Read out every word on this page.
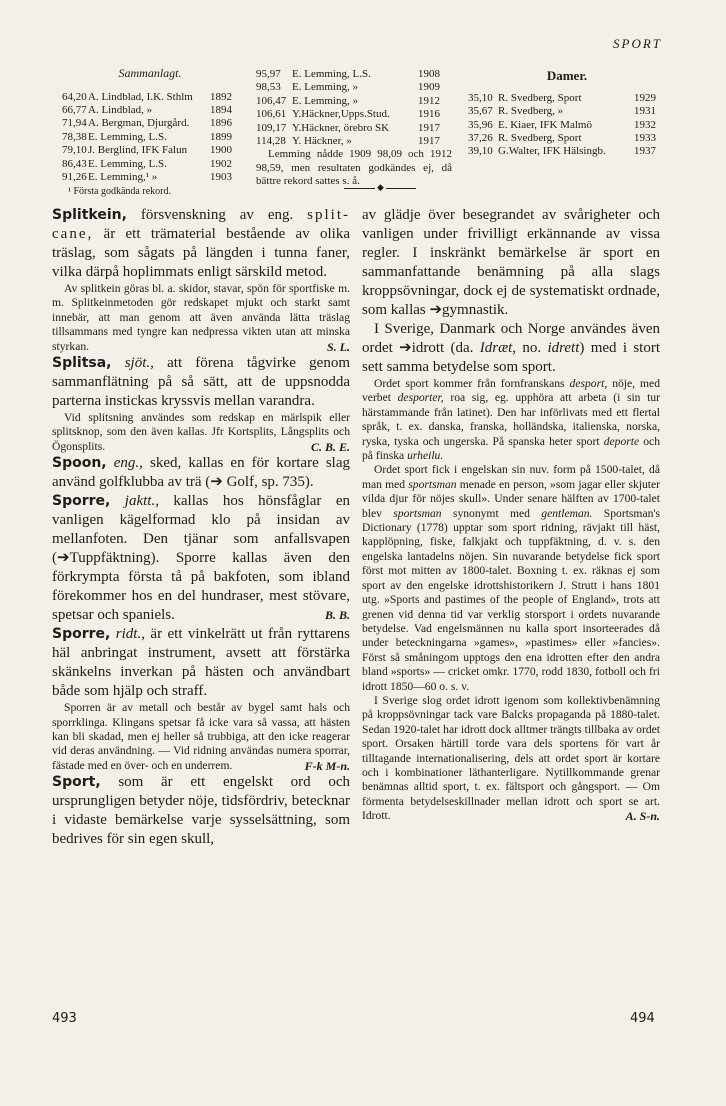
SPORT
Sammanlagt.
64,20A. Lindblad, I.K. Sthlm 1892
66,77A. Lindblad, »	1894
71,94A. Bergman, Djurgård. 1896
78,38E. Lemming, L.S.	1899
79,10J. Berglind, IFK Falun 1900
86,43E. Lemming, L.S.	1902
91,26E. Lemming,¹ »	1903
¹ Första godkända rekord.
95,97 E. Lemming, L.S.	1908
98,53 E. Lemming, »	1909
106,47 E. Lemming, »	1912
106,61 Y.Häckner,Upps.Stud.	1916
109,17 Y.Häckner, örebro SK	1917
114,28 Y. Häckner, »	1917
Lemming nådde 1909 98,09 och 1912 98,59, men resultaten godkändes ej, då bättre rekord sattes s. å.
Damer.
35,10 R. Svedberg, Sport	1929
35,67 R. Svedberg, »	1931
35,96 E. Kiaer, IFK Malmö	1932
37,26 R. Svedberg, Sport	1933
39,10 G.Walter, IFK Hälsingb.	1937
◆

Splitkein, försvenskning av eng. split-cane, är ett trämaterial bestående av olika träslag, som sågats på längden i tunna faner, vilka därpå hoplimmats enligt särskild metod.

Av splitkein göras bl. a. skidor, stavar, spön för sportfiske m. m. Splitkeinmetoden gör redskapet mjukt och starkt samt innebär, att man genom att även använda lätta träslag tillsammans med tyngre kan nedpressa vikten utan att minska styrkan.	S. L.

Splitsa, sjöt., att förena tågvirke genom sammanflätning på så sätt, att de uppsnodda parterna instickas kryssvis mellan varandra.

Vid splitsning användes som redskap en märlspik eller splitsknop, som den även kallas. Jfr Kortsplits, Långsplits och Ögonsplits.	C. B. E.

Spoon, eng., sked, kallas en för kortare slag använd golfklubba av trä (➔ Golf, sp. 735).

Sporre, jaktt., kallas hos hönsfåglar en vanligen kägelformad klo på insidan av mellanfoten. Den tjänar som anfallsvapen (➔Tuppfäktning). Sporre kallas även den förkrympta första tå på bakfoten, som ibland förekommer hos en del hundraser, mest stövare, spetsar och spaniels.	B. B.

Sporre, ridt., är ett vinkelrätt ut från ryttarens häl anbringat instrument, avsett att förstärka skänkelns inverkan på hästen och användbart både som hjälp och straff.

Sporren är av metall och består av bygel samt hals och sporrklinga. Klingans spetsar få icke vara så vassa, att hästen kan bli skadad, men ej heller så trubbiga, att den icke reagerar vid deras användning. — Vid ridning användas numera sporrar, fästade med en över- och en underrem.	F-k M-n.

Sport, som är ett engelskt ord och ursprungligen betyder nöje, tidsfördriv, betecknar i vidaste bemärkelse varje sysselsättning, som bedrives för sin egen skull,

493

av glädje över besegrandet av svårigheter och vanligen under frivilligt erkännande av vissa regler. I inskränkt bemärkelse är sport en sammanfattande benämning på alla slags kroppsövningar, dock ej de systematiskt ordnade, som kallas ➔gymnastik.

I Sverige, Danmark och Norge användes även ordet ➔idrott (da. Idræt, no. idrett) med i stort sett samma betydelse som sport.

Ordet sport kommer från fornfranskans desport, nöje, med verbet desporter, roa sig, eg. upphöra att arbeta (i sin tur härstammande från latinet). Den har införlivats med ett flertal språk, t. ex. danska, franska, holländska, italienska, norska, ryska, tyska och ungerska. På spanska heter sport deporte och på finska urheilu.

Ordet sport fick i engelskan sin nuv. form på 1500-talet, då man med sportsman menade en person, »som jagar eller skjuter vilda djur för nöjes skull». Under senare hälften av 1700-talet blev sportsman synonymt med gentleman. Sportsman's Dictionary (1778) upptar som sport ridning, rävjakt till häst, kapplöpning, fiske, falkjakt och tuppfäktning, d. v. s. den engelska lantadelns nöjen. Sin nuvarande betydelse fick sport först mot mitten av 1800-talet. Boxning t. ex. räknas ej som sport av den engelske idrottshistorikern J. Strutt i hans 1801 utg. »Sports and pastimes of the people of England», trots att grenen vid denna tid var verklig storsport i ordets nuvarande betydelse. Vad engelsmännen nu kalla sport insorteerades då under beteckningarna »games», »pastimes» eller »fancies». Först så småningom upptogs den ena idrotten efter den andra bland »sports» — cricket omkr. 1770, rodd 1830, fotboll och fri idrott 1850—60 o. s. v.

I Sverige slog ordet idrott igenom som kollektivbenämning på kroppsövningar tack vare Balcks propaganda på 1880-talet. Sedan 1920-talet har idrott dock alltmer trängts tillbaka av ordet sport. Orsaken härtill torde vara dels sportens för vart år tilltagande internationalisering, dels att ordet sport är kortare och i kombinationer läthanterligare. Nytillkommande grenar benämnas alltid sport, t. ex. fältsport och gångsport. — Om förmenta betydelseskillnader mellan idrott och sport se art. Idrott.	A. S-n.

494
